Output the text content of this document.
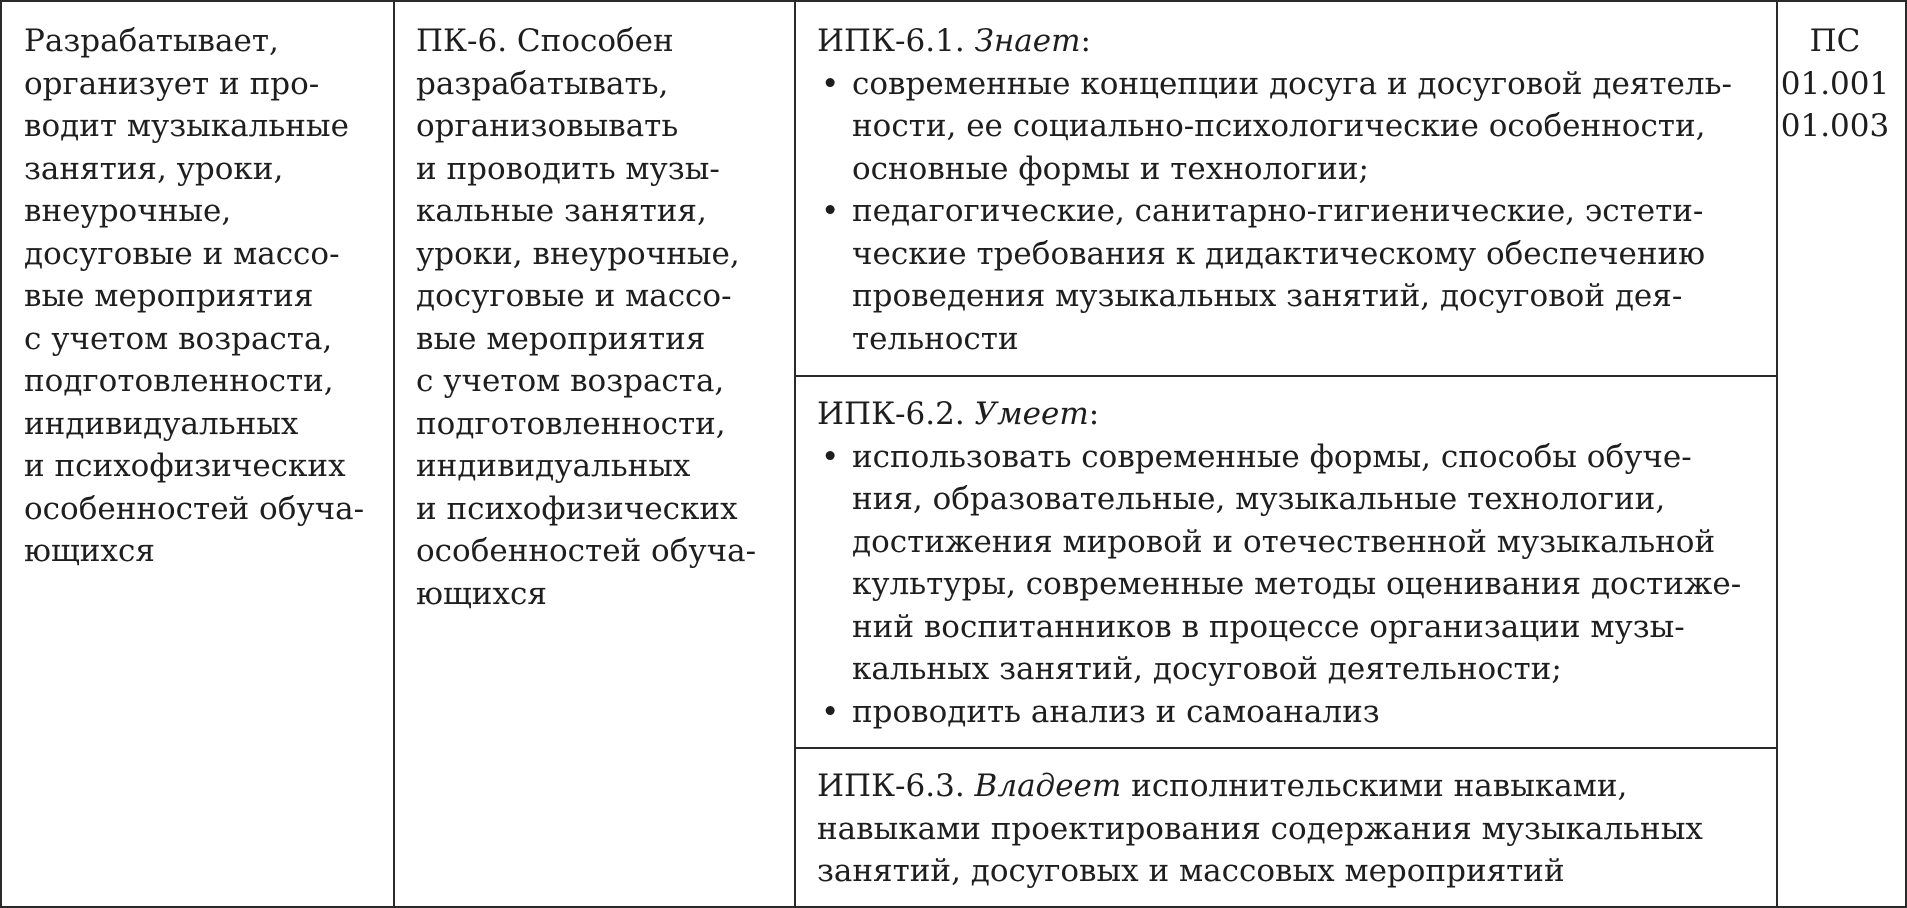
Разрабатывает,
организует и про-
водит музыкальные
занятия, уроки,
внеурочные,
досуговые и массо-
вые мероприятия
с учетом возраста,
подготовленности,
индивидуальных
и психофизических
особенностей обуча-
ющихся
ПК-6. Способен
разрабатывать,
организовывать
и проводить музы-
кальные занятия,
уроки, внеурочные,
досуговые и массо-
вые мероприятия
с учетом возраста,
подготовленности,
индивидуальных
и психофизических
особенностей обуча-
ющихся
ИПК-6.1. Знает:
• современные концепции досуга и досуговой деятель-
ности, ее социально-психологические особенности,
основные формы и технологии;
• педагогические, санитарно-гигиенические, эстети-
ческие требования к дидактическому обеспечению
проведения музыкальных занятий, досуговой дея-
тельности
ИПК-6.2. Умеет:
• использовать современные формы, способы обуче-
ния, образовательные, музыкальные технологии,
достижения мировой и отечественной музыкальной
культуры, современные методы оценивания достиже-
ний воспитанников в процессе организации музы-
кальных занятий, досуговой деятельности;
• проводить анализ и самоанализ
ИПК-6.3. Владеет исполнительскими навыками,
навыками проектирования содержания музыкальных
занятий, досуговых и массовых мероприятий
ПС
01.001
01.003
